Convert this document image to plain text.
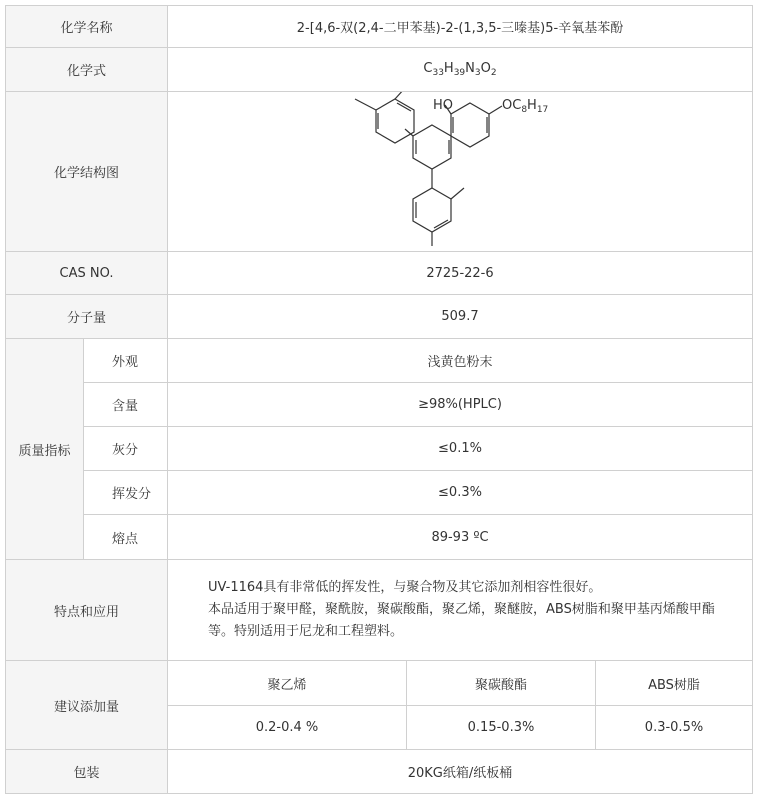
化学名称	2-[4,6-双(2,4-二甲苯基)-2-(1,3,5-三嗪基)5-辛氧基苯酚
化学式	$C_{33}H_{39}N_3O_2$
化学结构图
HO	$OC_8H_{17}$
CAS NO.	2725-22-6
分子量	509.7
质量指标
外观	浅黄色粉末
含量	≥98%(HPLC)
灰分	≤0.1%
挥发分	≤0.3%
熔点	89-93 ºC
特点和应用
UV-1164具有非常低的挥发性，与聚合物及其它添加剂相容性很好。
本品适用于聚甲醛，聚酰胺，聚碳酸酯，聚乙烯，聚醚胺，ABS树脂和聚甲基丙烯酸甲酯等。特别适用于尼龙和工程塑料。
建议添加量
聚乙烯	聚碳酸酯	ABS树脂
0.2-0.4 %	0.15-0.3%	0.3-0.5%
包装	20KG纸箱/纸板桶
